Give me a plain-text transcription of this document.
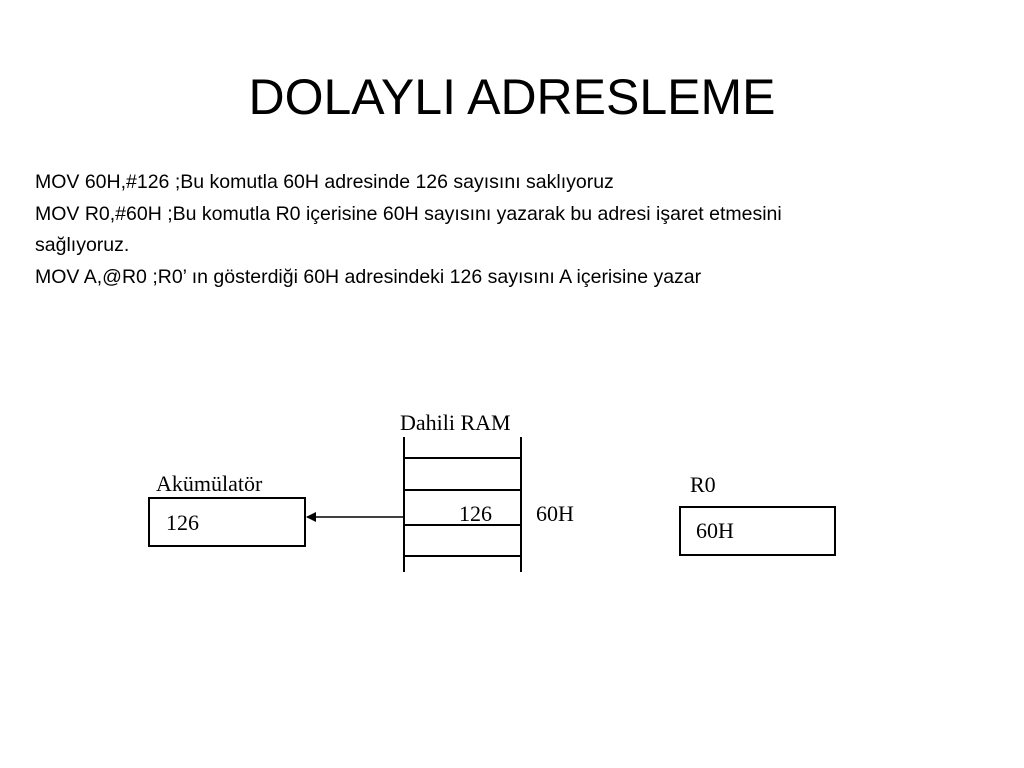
DOLAYLI ADRESLEME

MOV 60H,#126 ;Bu komutla 60H adresinde 126 sayısını saklıyoruz

MOV R0,#60H ;Bu komutla R0 içerisine 60H sayısını yazarak bu adresi işaret etmesini

sağlıyoruz.

MOV A,@R0 ;R0’ ın gösterdiği 60H adresindeki 126 sayısını A içerisine yazar

Dahili RAM
126 60H
Akümülatör
126
R0
60H
